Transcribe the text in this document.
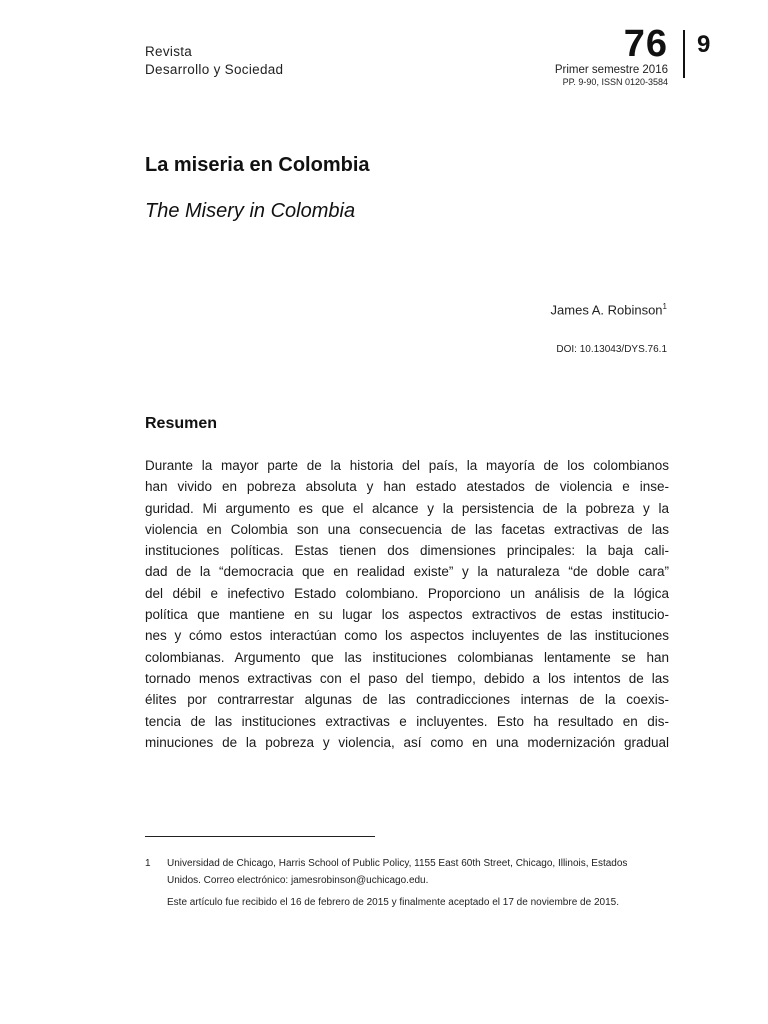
Revista
Desarrollo y Sociedad
76
Primer semestre 2016
PP. 9-90, ISSN 0120-3584
9
La miseria en Colombia
The Misery in Colombia
James A. Robinson$^1$
DOI: 10.13043/DYS.76.1
Resumen
Durante la mayor parte de la historia del país, la mayoría de los colombianos
han vivido en pobreza absoluta y han estado atestados de violencia e inse-
guridad. Mi argumento es que el alcance y la persistencia de la pobreza y la
violencia en Colombia son una consecuencia de las facetas extractivas de las
instituciones políticas. Estas tienen dos dimensiones principales: la baja cali-
dad de la “democracia que en realidad existe” y la naturaleza “de doble cara”
del débil e inefectivo Estado colombiano. Proporciono un análisis de la lógica
política que mantiene en su lugar los aspectos extractivos de estas institucio-
nes y cómo estos interactúan como los aspectos incluyentes de las instituciones
colombianas. Argumento que las instituciones colombianas lentamente se han
tornado menos extractivas con el paso del tiempo, debido a los intentos de las
élites por contrarrestar algunas de las contradicciones internas de la coexis-
tencia de las instituciones extractivas e incluyentes. Esto ha resultado en dis-
minuciones de la pobreza y violencia, así como en una modernización gradual
1	Universidad de Chicago, Harris School of Public Policy, 1155 East 60th Street, Chicago, Illinois, Estados
Unidos. Correo electrónico: jamesrobinson@uchicago.edu.
Este artículo fue recibido el 16 de febrero de 2015 y finalmente aceptado el 17 de noviembre de 2015.
